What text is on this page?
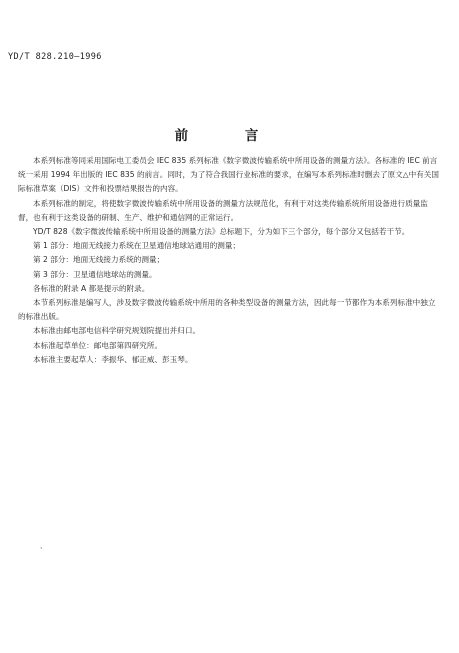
YD/T 828.210—1996
前 言

本系列标准等同采用国际电工委员会 IEC 835 系列标准《数字微波传输系统中所用设备的测量方法》。各标准的 IEC 前言统一采用 1994 年出版的 IEC 835 的前言。同时，为了符合我国行业标准的要求，在编写本系列标准时删去了原文△中有关国际标准草案（DIS）文件和投票结果报告的内容。

本系列标准的制定，将使数字微波传输系统中所用设备的测量方法规范化，有利于对这类传输系统所用设备进行质量监督，也有利于这类设备的研制、生产、维护和通信网的正常运行。

YD/T 828《数字微波传输系统中所用设备的测量方法》总标题下，分为如下三个部分，每个部分又包括若干节。

第 1 部分：地面无线接力系统在卫星通信地球站通用的测量；

第 2 部分：地面无线接力系统的测量；

第 3 部分：卫星通信地球站的测量。

各标准的附录 A 都是提示的附录。

本节系列标准是编写人，涉及数字微波传输系统中所用的各种类型设备的测量方法，因此每一节都作为本系列标准中独立的标准出版。

本标准由邮电部电信科学研究规划院提出并归口。

本标准起草单位：邮电部第四研究所。

本标准主要起草人：李振华、郁正威、彭玉琴。

、
